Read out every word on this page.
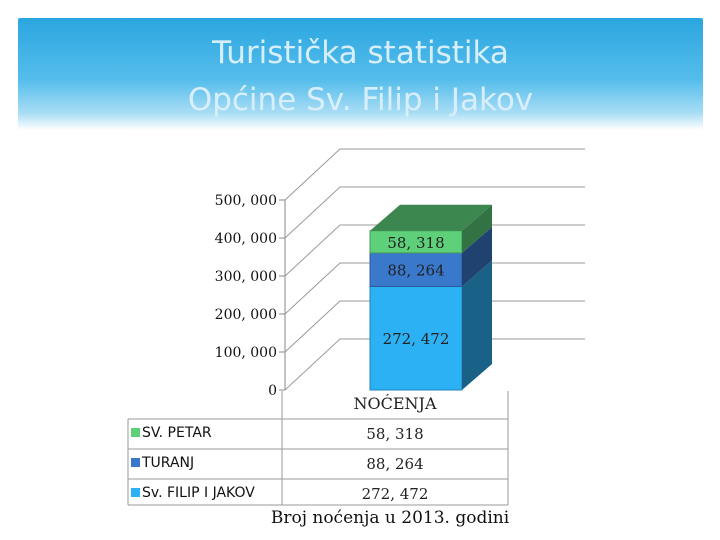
Turistička statistika
Općine Sv. Filip i Jakov
0
100, 000
200, 000
300, 000
400, 000
500, 000
272, 472
88, 264
58, 318
NOĆENJA
SV. PETAR	58, 318
TURANJ	88, 264
Sv. FILIP I JAKOV	272, 472

Broj noćenja u 2013. godini
